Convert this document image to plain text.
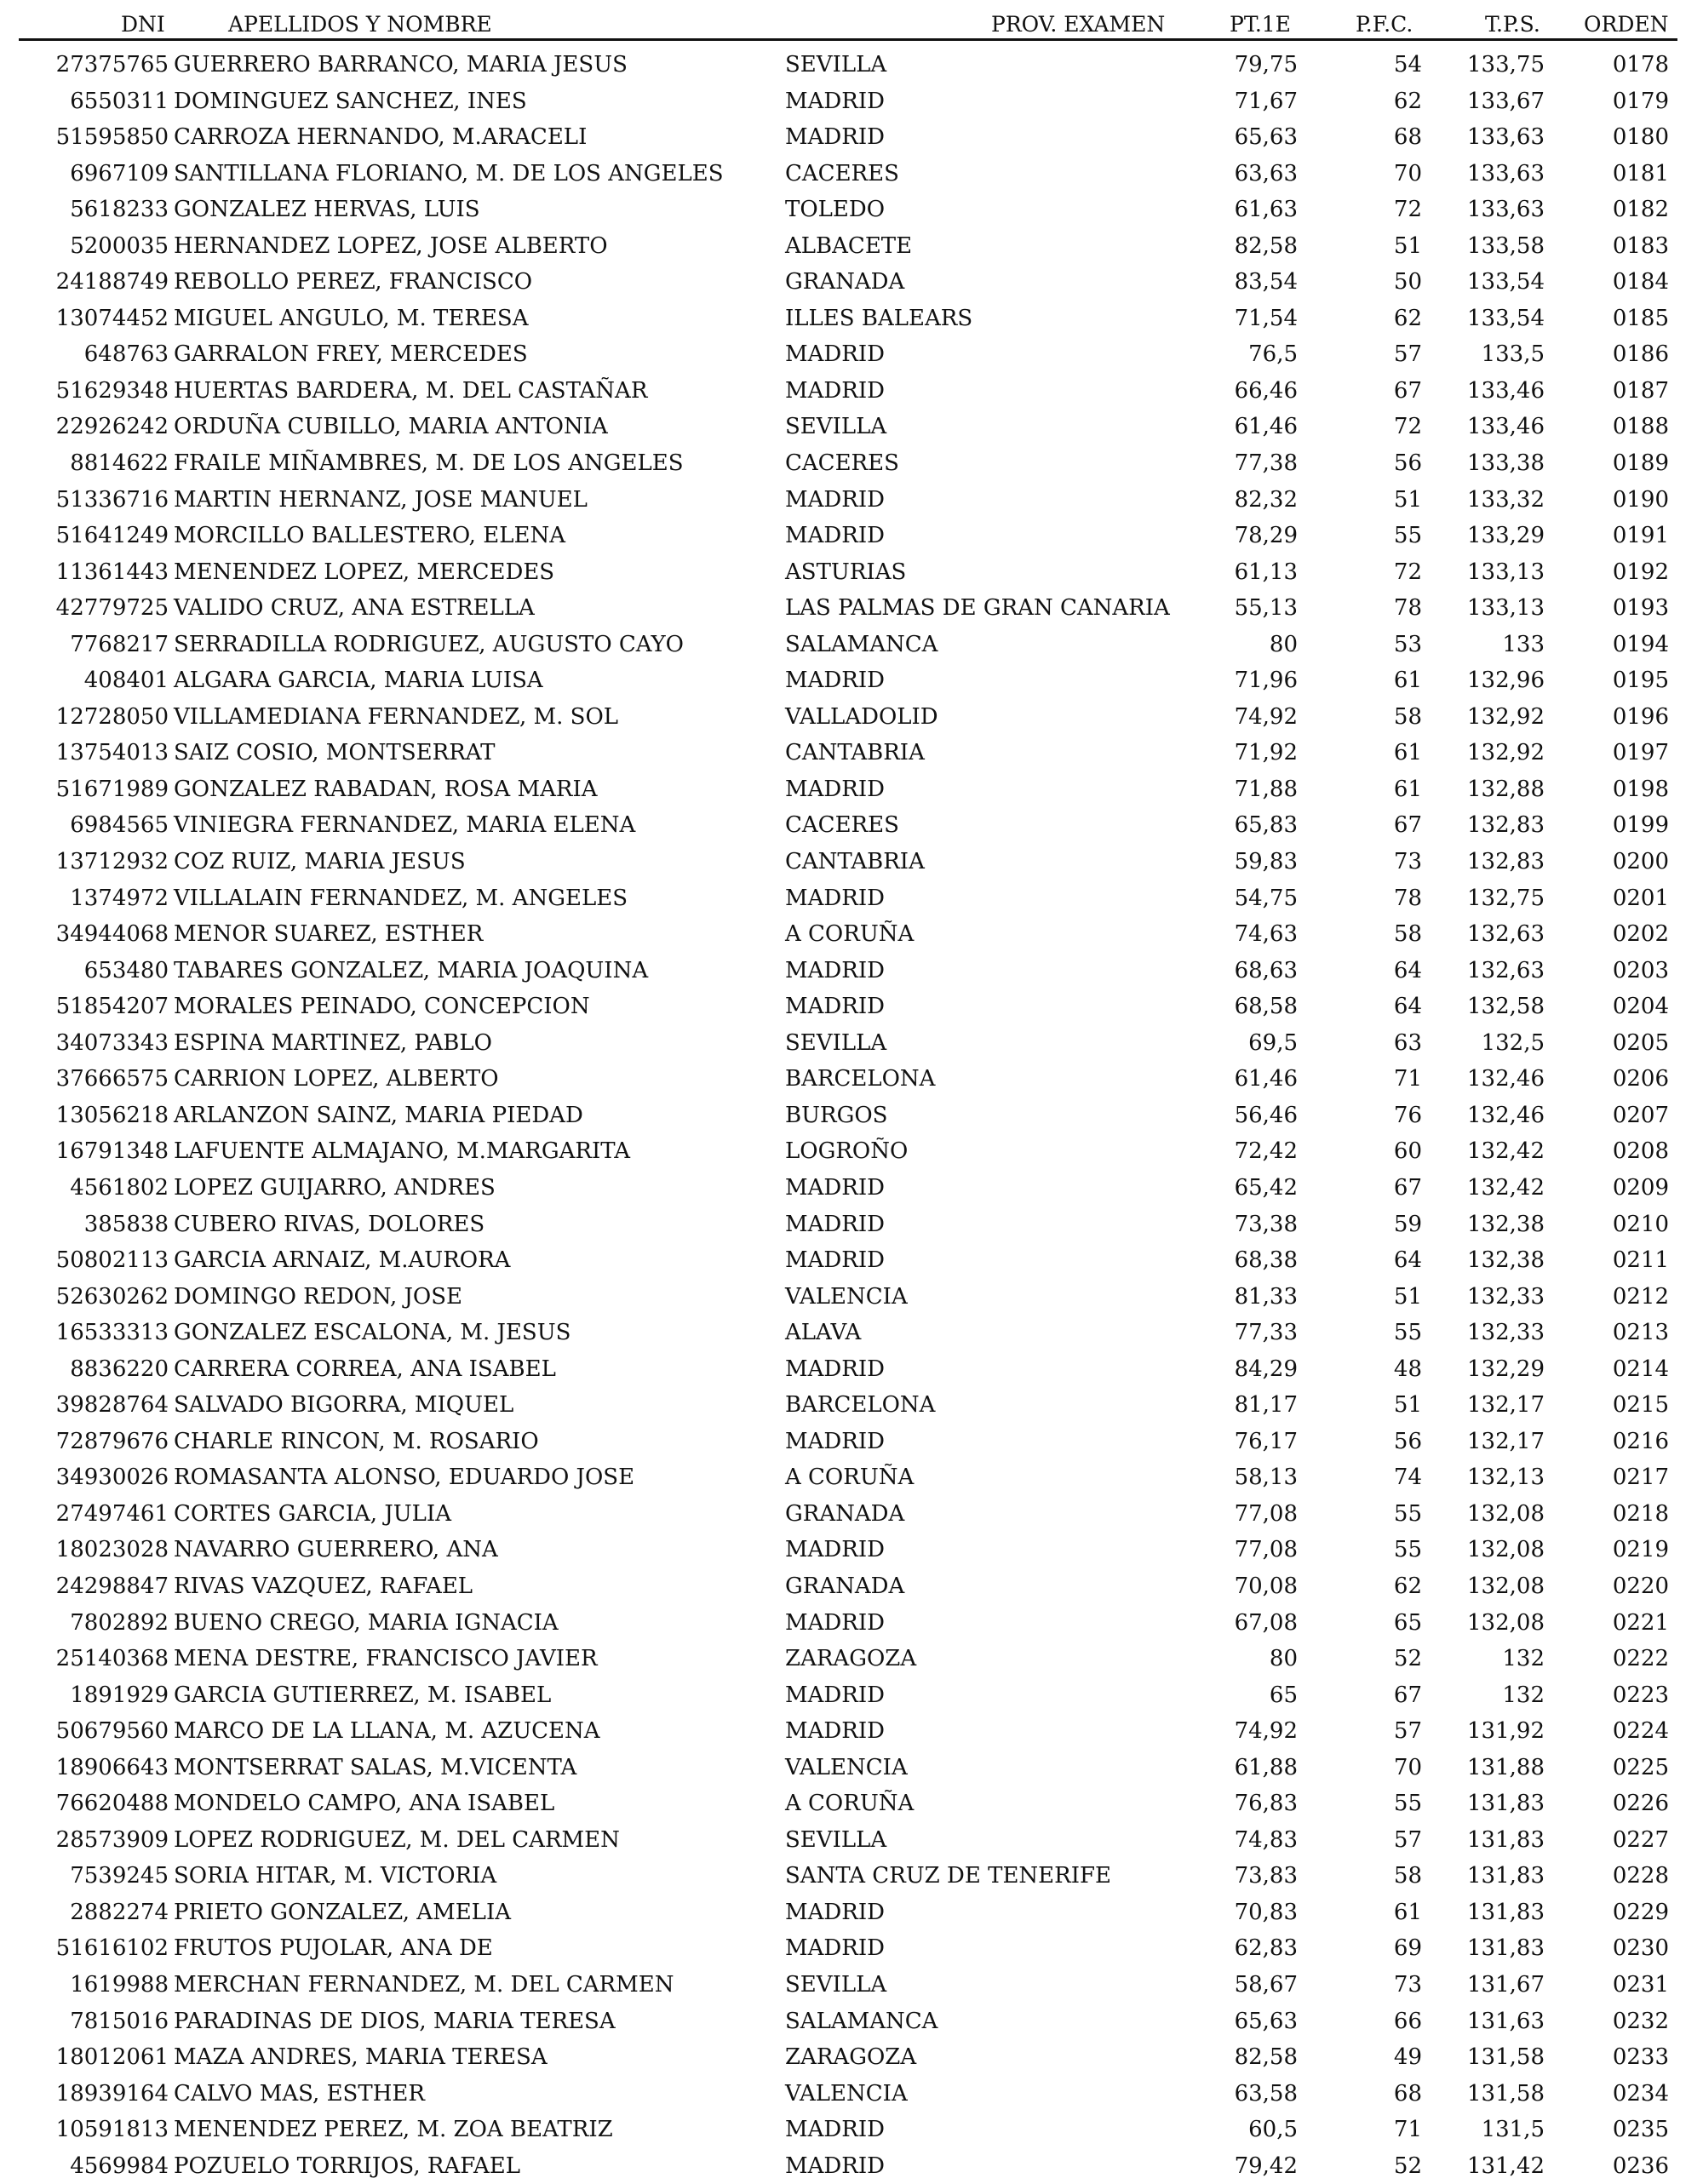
DNI	APELLIDOS Y NOMBRE	PROV. EXAMEN	PT.1E	P.F.C.	T.P.S. ORDEN
27375765 GUERRERO BARRANCO, MARIA JESUS	SEVILLA	79,75	54	133,75	0178
6550311 DOMINGUEZ SANCHEZ, INES	MADRID	71,67	62	133,67	0179
51595850 CARROZA HERNANDO, M.ARACELI	MADRID	65,63	68	133,63	0180
6967109 SANTILLANA FLORIANO, M. DE LOS ANGELES	CACERES	63,63	70	133,63	0181
5618233 GONZALEZ HERVAS, LUIS	TOLEDO	61,63	72	133,63	0182
5200035 HERNANDEZ LOPEZ, JOSE ALBERTO	ALBACETE	82,58	51	133,58	0183
24188749 REBOLLO PEREZ, FRANCISCO	GRANADA	83,54	50	133,54	0184
13074452 MIGUEL ANGULO, M. TERESA	ILLES BALEARS	71,54	62	133,54	0185
648763 GARRALON FREY, MERCEDES	MADRID	76,5	57	133,5	0186
51629348 HUERTAS BARDERA, M. DEL CASTAÑAR	MADRID	66,46	67	133,46	0187
22926242 ORDUÑA CUBILLO, MARIA ANTONIA	SEVILLA	61,46	72	133,46	0188
8814622 FRAILE MIÑAMBRES, M. DE LOS ANGELES	CACERES	77,38	56	133,38	0189
51336716 MARTIN HERNANZ, JOSE MANUEL	MADRID	82,32	51	133,32	0190
51641249 MORCILLO BALLESTERO, ELENA	MADRID	78,29	55	133,29	0191
11361443 MENENDEZ LOPEZ, MERCEDES	ASTURIAS	61,13	72	133,13	0192
42779725 VALIDO CRUZ, ANA ESTRELLA	LAS PALMAS DE GRAN CANARIA	55,13	78	133,13	0193
7768217 SERRADILLA RODRIGUEZ, AUGUSTO CAYO	SALAMANCA	80	53	133	0194
408401 ALGARA GARCIA, MARIA LUISA	MADRID	71,96	61	132,96	0195
12728050 VILLAMEDIANA FERNANDEZ, M. SOL	VALLADOLID	74,92	58	132,92	0196
13754013 SAIZ COSIO, MONTSERRAT	CANTABRIA	71,92	61	132,92	0197
51671989 GONZALEZ RABADAN, ROSA MARIA	MADRID	71,88	61	132,88	0198
6984565 VINIEGRA FERNANDEZ, MARIA ELENA	CACERES	65,83	67	132,83	0199
13712932 COZ RUIZ, MARIA JESUS	CANTABRIA	59,83	73	132,83	0200
1374972 VILLALAIN FERNANDEZ, M. ANGELES	MADRID	54,75	78	132,75	0201
34944068 MENOR SUAREZ, ESTHER	A CORUÑA	74,63	58	132,63	0202
653480 TABARES GONZALEZ, MARIA JOAQUINA	MADRID	68,63	64	132,63	0203
51854207 MORALES PEINADO, CONCEPCION	MADRID	68,58	64	132,58	0204
34073343 ESPINA MARTINEZ, PABLO	SEVILLA	69,5	63	132,5	0205
37666575 CARRION LOPEZ, ALBERTO	BARCELONA	61,46	71	132,46	0206
13056218 ARLANZON SAINZ, MARIA PIEDAD	BURGOS	56,46	76	132,46	0207
16791348 LAFUENTE ALMAJANO, M.MARGARITA	LOGROÑO	72,42	60	132,42	0208
4561802 LOPEZ GUIJARRO, ANDRES	MADRID	65,42	67	132,42	0209
385838 CUBERO RIVAS, DOLORES	MADRID	73,38	59	132,38	0210
50802113 GARCIA ARNAIZ, M.AURORA	MADRID	68,38	64	132,38	0211
52630262 DOMINGO REDON, JOSE	VALENCIA	81,33	51	132,33	0212
16533313 GONZALEZ ESCALONA, M. JESUS	ALAVA	77,33	55	132,33	0213
8836220 CARRERA CORREA, ANA ISABEL	MADRID	84,29	48	132,29	0214
39828764 SALVADO BIGORRA, MIQUEL	BARCELONA	81,17	51	132,17	0215
72879676 CHARLE RINCON, M. ROSARIO	MADRID	76,17	56	132,17	0216
34930026 ROMASANTA ALONSO, EDUARDO JOSE	A CORUÑA	58,13	74	132,13	0217
27497461 CORTES GARCIA, JULIA	GRANADA	77,08	55	132,08	0218
18023028 NAVARRO GUERRERO, ANA	MADRID	77,08	55	132,08	0219
24298847 RIVAS VAZQUEZ, RAFAEL	GRANADA	70,08	62	132,08	0220
7802892 BUENO CREGO, MARIA IGNACIA	MADRID	67,08	65	132,08	0221
25140368 MENA DESTRE, FRANCISCO JAVIER	ZARAGOZA	80	52	132	0222
1891929 GARCIA GUTIERREZ, M. ISABEL	MADRID	65	67	132	0223
50679560 MARCO DE LA LLANA, M. AZUCENA	MADRID	74,92	57	131,92	0224
18906643 MONTSERRAT SALAS, M.VICENTA	VALENCIA	61,88	70	131,88	0225
76620488 MONDELO CAMPO, ANA ISABEL	A CORUÑA	76,83	55	131,83	0226
28573909 LOPEZ RODRIGUEZ, M. DEL CARMEN	SEVILLA	74,83	57	131,83	0227
7539245 SORIA HITAR, M. VICTORIA	SANTA CRUZ DE TENERIFE	73,83	58	131,83	0228
2882274 PRIETO GONZALEZ, AMELIA	MADRID	70,83	61	131,83	0229
51616102 FRUTOS PUJOLAR, ANA DE	MADRID	62,83	69	131,83	0230
1619988 MERCHAN FERNANDEZ, M. DEL CARMEN	SEVILLA	58,67	73	131,67	0231
7815016 PARADINAS DE DIOS, MARIA TERESA	SALAMANCA	65,63	66	131,63	0232
18012061 MAZA ANDRES, MARIA TERESA	ZARAGOZA	82,58	49	131,58	0233
18939164 CALVO MAS, ESTHER	VALENCIA	63,58	68	131,58	0234
10591813 MENENDEZ PEREZ, M. ZOA BEATRIZ	MADRID	60,5	71	131,5	0235
4569984 POZUELO TORRIJOS, RAFAEL	MADRID	79,42	52	131,42	0236
